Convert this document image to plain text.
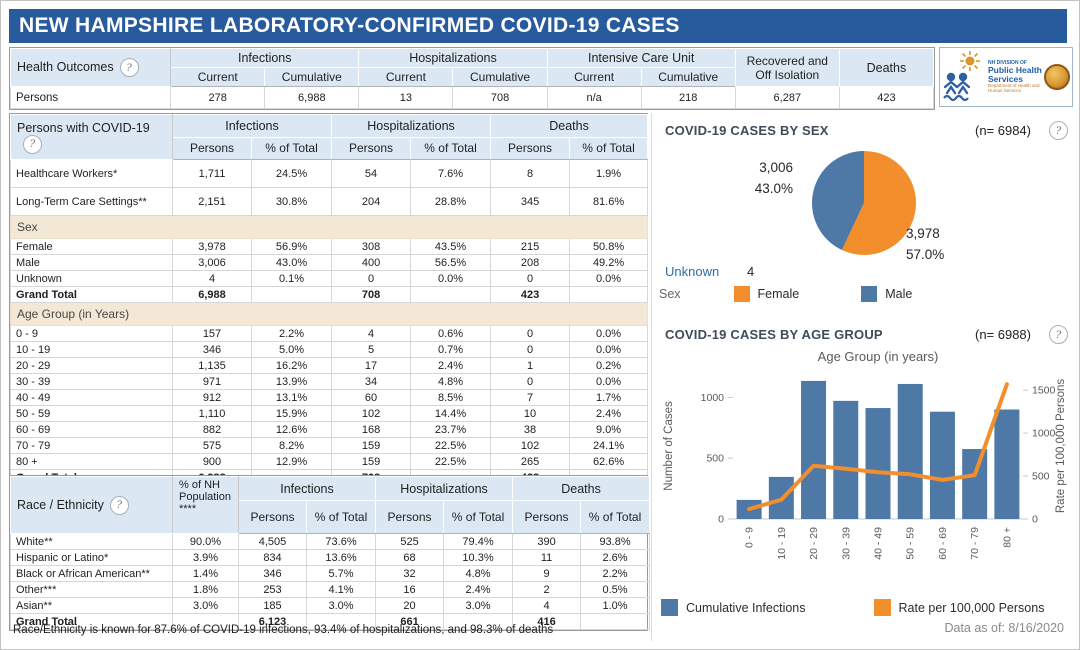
NEW HAMPSHIRE LABORATORY-CONFIRMED COVID-19 CASES
Health Outcomes ?	Infections		Hospitalizations		Intensive Care Unit		Recovered and Off Isolation	Deaths
	Current	Cumulative	Current	Cumulative	Current	Cumulative		
Persons	278	6,988	13	708	n/a	218	6,287	423
NH DIVISION OF
Public Health Services
Department of Health and Human Services
Persons with COVID-19?	Infections		Hospitalizations		Deaths	
	Persons	% of Total	Persons	% of Total	Persons	% of Total
Healthcare Workers*	1,711	24.5%	54	7.6%	8	1.9%
Long-Term Care Settings**	2,151	30.8%	204	28.8%	345	81.6%
Sex						
Female	3,978	56.9%	308	43.5%	215	50.8%
Male	3,006	43.0%	400	56.5%	208	49.2%
Unknown	4	0.1%	0	0.0%	0	0.0%
Grand Total	6,988		708		423	
Age Group (in Years)						
0 - 9	157	2.2%	4	0.6%	0	0.0%
10 - 19	346	5.0%	5	0.7%	0	0.0%
20 - 29	1,135	16.2%	17	2.4%	1	0.2%
30 - 39	971	13.9%	34	4.8%	0	0.0%
40 - 49	912	13.1%	60	8.5%	7	1.7%
50 - 59	1,110	15.9%	102	14.4%	10	2.4%
60 - 69	882	12.6%	168	23.7%	38	9.0%
70 - 79	575	8.2%	159	22.5%	102	24.1%
80 +	900	12.9%	159	22.5%	265	62.6%

Race / Ethnicity ?	% of NH Population ****	Infections		Hospitalizations		Deaths	
		Persons	% of Total	Persons	% of Total	Persons	% of Total
White**	90.0%	4,505	73.6%	525	79.4%	390	93.8%
Hispanic or Latino*	3.9%	834	13.6%	68	10.3%	11	2.6%
Black or African American**	1.4%	346	5.7%	32	4.8%	9	2.2%
Other***	1.8%	253	4.1%	16	2.4%	2	0.5%
Asian**	3.0%	185	3.0%	20	3.0%	4	1.0%
Grand Total		6,123		661		416	
Race/Ethnicity is known for 87.6% of COVID-19 infections, 93.4% of hospitalizations, and 98.3% of deaths
COVID-19 CASES BY SEX	(n= 6984)	?
3,006
43.0%
3,978
57.0%
Unknown 4
Sex	Female	Male
COVID-19 CASES BY AGE GROUP	(n= 6988)	?
Age Group (in years)
0
500
1000
0
500
1000
1500
Number of Cases	Rate per 100,000 Persons
0 - 9 10 - 19 20 - 29 30 - 39 40 - 49 50 - 59 60 - 69 70 - 79 80 +
Cumulative Infections	Rate per 100,000 Persons
Data as of: 8/16/2020
